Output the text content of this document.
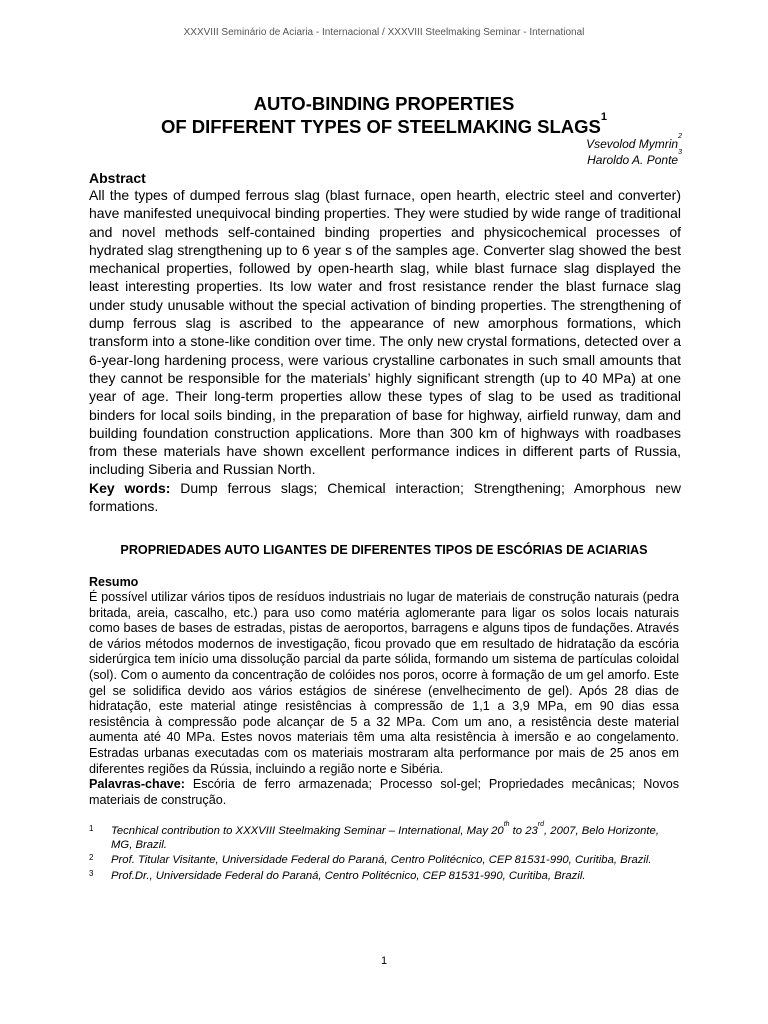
XXXVIII Seminário de Aciaria - Internacional / XXXVIII Steelmaking Seminar - International
AUTO-BINDING PROPERTIES
OF DIFFERENT TYPES OF STEELMAKING SLAGS$^1$
Vsevolod Mymrin$^2$
Haroldo A. Ponte$^3$
Abstract
All the types of dumped ferrous slag (blast furnace, open hearth, electric steel and converter) have manifested unequivocal binding properties. They were studied by wide range of traditional and novel methods self-contained binding properties and physicochemical processes of hydrated slag strengthening up to 6 year s of the samples age. Converter slag showed the best mechanical properties, followed by open-hearth slag, while blast furnace slag displayed the least interesting properties. Its low water and frost resistance render the blast furnace slag under study unusable without the special activation of binding properties. The strengthening of dump ferrous slag is ascribed to the appearance of new amorphous formations, which transform into a stone-like condition over time. The only new crystal formations, detected over a 6-year-long hardening process, were various crystalline carbonates in such small amounts that they cannot be responsible for the materials’ highly significant strength (up to 40 MPa) at one year of age. Their long-term properties allow these types of slag to be used as traditional binders for local soils binding, in the preparation of base for highway, airfield runway, dam and building foundation construction applications. More than 300 km of highways with roadbases from these materials have shown excellent performance indices in different parts of Russia, including Siberia and Russian North.
Key words: Dump ferrous slags; Chemical interaction; Strengthening; Amorphous new formations.
PROPRIEDADES AUTO LIGANTES DE DIFERENTES TIPOS DE ESCÓRIAS DE ACIARIAS
Resumo
É possível utilizar vários tipos de resíduos industriais no lugar de materiais de construção naturais (pedra britada, areia, cascalho, etc.) para uso como matéria aglomerante para ligar os solos locais naturais como bases de bases de estradas, pistas de aeroportos, barragens e alguns tipos de fundações. Através de vários métodos modernos de investigação, ficou provado que em resultado de hidratação da escória siderúrgica tem início uma dissolução parcial da parte sólida, formando um sistema de partículas coloidal (sol). Com o aumento da concentração de colóides nos poros, ocorre à formação de um gel amorfo. Este gel se solidifica devido aos vários estágios de sinérese (envelhecimento de gel). Após 28 dias de hidratação, este material atinge resistências à compressão de 1,1 a 3,9 MPa, em 90 dias essa resistência à compressão pode alcançar de 5 a 32 MPa. Com um ano, a resistência deste material aumenta até 40 MPa. Estes novos materiais têm uma alta resistência à imersão e ao congelamento. Estradas urbanas executadas com os materiais mostraram alta performance por mais de 25 anos em diferentes regiões da Rússia, incluindo a região norte e Sibéria.
Palavras-chave: Escória de ferro armazenada; Processo sol-gel; Propriedades mecânicas; Novos materiais de construção.
1 Tecnhical contribution to XXXVIII Steelmaking Seminar – International, May 20th to 23rd, 2007, Belo Horizonte, MG, Brazil.
2 Prof. Titular Visitante, Universidade Federal do Paraná, Centro Politécnico, CEP 81531-990, Curitiba, Brazil.
3 Prof.Dr., Universidade Federal do Paraná, Centro Politécnico, CEP 81531-990, Curitiba, Brazil.
1
